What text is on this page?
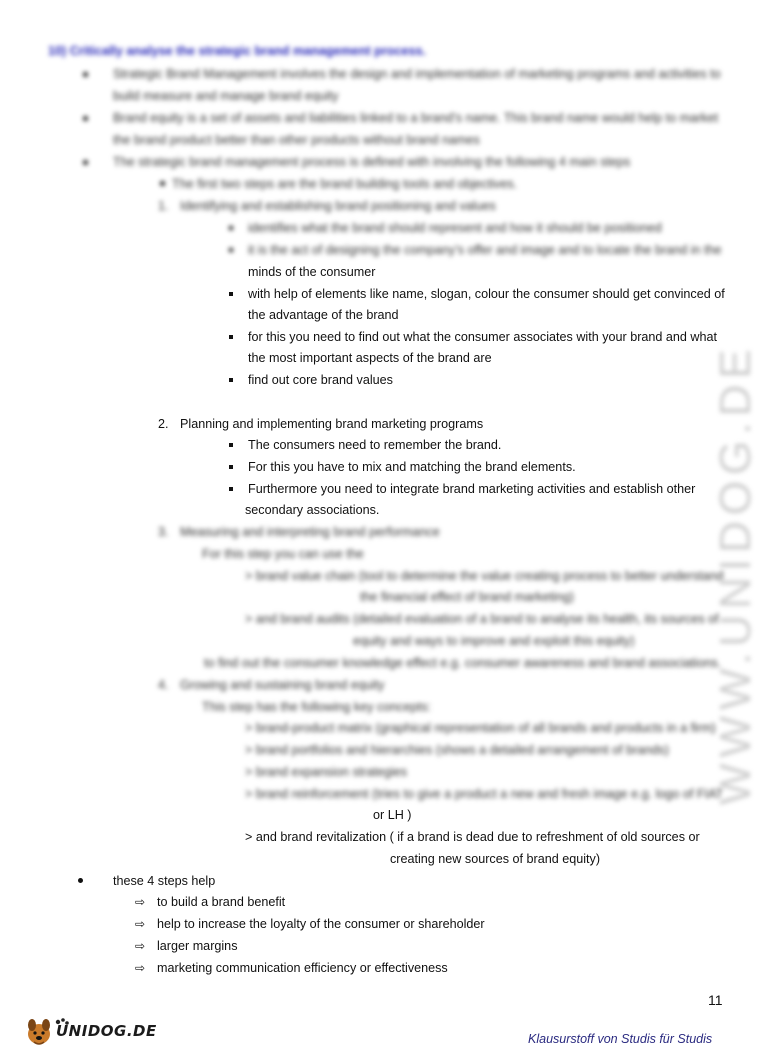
10) Critically analyse the strategic brand management process.
Strategic Brand Management involves the design and implementation of marketing programs and activities to
build measure and manage brand equity
Brand equity is a set of assets and liabilities linked to a brand’s name. This brand name would help to market
the brand product better than other products without brand names
The strategic brand management process is defined with involving the following 4 main steps
The first two steps are the brand building tools and objectives.
1. Identifying and establishing brand positioning and values
identifies what the brand should represent and how it should be positioned
it is the act of designing the company’s offer and image and to locate the brand in the
minds of the consumer
with help of elements like name, slogan, colour the consumer should get convinced of
the advantage of the brand
for this you need to find out what the consumer associates with your brand and what
the most important aspects of the brand are
find out core brand values
2. Planning and implementing brand marketing programs
The consumers need to remember the brand.
For this you have to mix and matching the brand elements.
Furthermore you need to integrate brand marketing activities and establish other
secondary associations.
3. Measuring and interpreting brand performance
For this step you can use the
> brand value chain (tool to determine the value creating process to better understand
the financial effect of brand marketing)
> and brand audits (detailed evaluation of a brand to analyse its health, its sources of
equity and ways to improve and exploit this equity)
to find out the consumer knowledge effect e.g. consumer awareness and brand associations.
4. Growing and sustaining brand equity
This step has the following key concepts:
> brand-product matrix (graphical representation of all brands and products in a firm)
> brand portfolios and hierarchies (shows a detailed arrangement of brands)
> brand expansion strategies
> brand reinforcement (tries to give a product a new and fresh image e.g. logo of FIAT
or LH )
> and brand revitalization ( if a brand is dead due to refreshment of old sources or
creating new sources of brand equity)
these 4 steps help
⇨ to build a brand benefit
⇨ help to increase the loyalty of the consumer or shareholder
⇨ larger margins
⇨ marketing communication efficiency or effectiveness
WWW.UNIDOG.DE
11
UNIDOG.DE	Klausurstoff von Studis für Studis
